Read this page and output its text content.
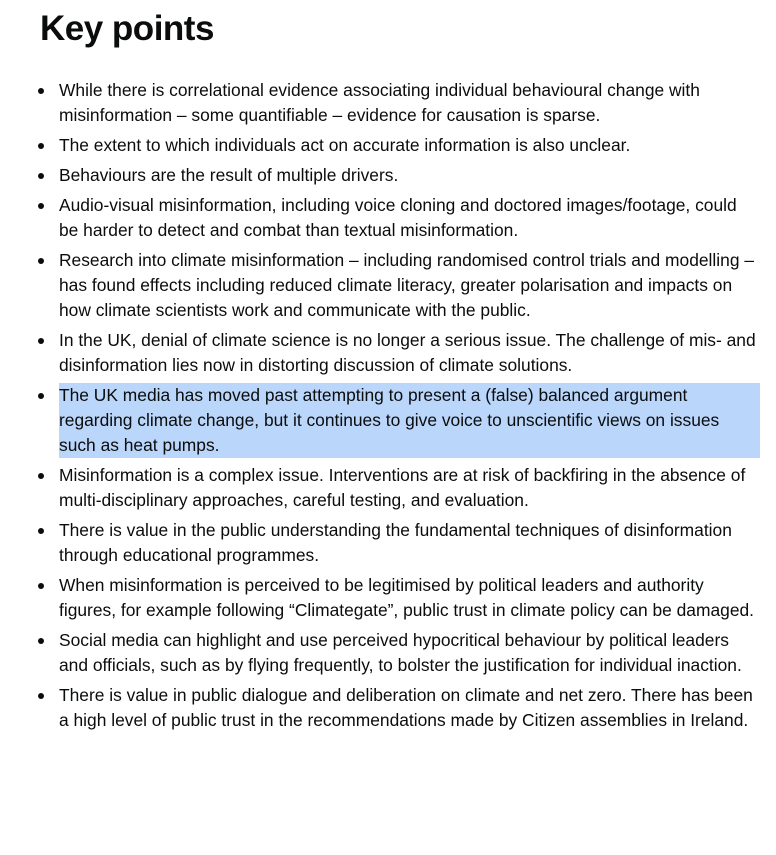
Key points
While there is correlational evidence associating individual behavioural change with misinformation – some quantifiable – evidence for causation is sparse.
The extent to which individuals act on accurate information is also unclear.
Behaviours are the result of multiple drivers.
Audio-visual misinformation, including voice cloning and doctored images/footage, could be harder to detect and combat than textual misinformation.
Research into climate misinformation – including randomised control trials and modelling – has found effects including reduced climate literacy, greater polarisation and impacts on how climate scientists work and communicate with the public.
In the UK, denial of climate science is no longer a serious issue. The challenge of mis- and disinformation lies now in distorting discussion of climate solutions.
The UK media has moved past attempting to present a (false) balanced argument regarding climate change, but it continues to give voice to unscientific views on issues such as heat pumps.
Misinformation is a complex issue. Interventions are at risk of backfiring in the absence of multi-disciplinary approaches, careful testing, and evaluation.
There is value in the public understanding the fundamental techniques of disinformation through educational programmes.
When misinformation is perceived to be legitimised by political leaders and authority figures, for example following “Climategate”, public trust in climate policy can be damaged.
Social media can highlight and use perceived hypocritical behaviour by political leaders and officials, such as by flying frequently, to bolster the justification for individual inaction.
There is value in public dialogue and deliberation on climate and net zero. There has been a high level of public trust in the recommendations made by Citizen assemblies in Ireland.
